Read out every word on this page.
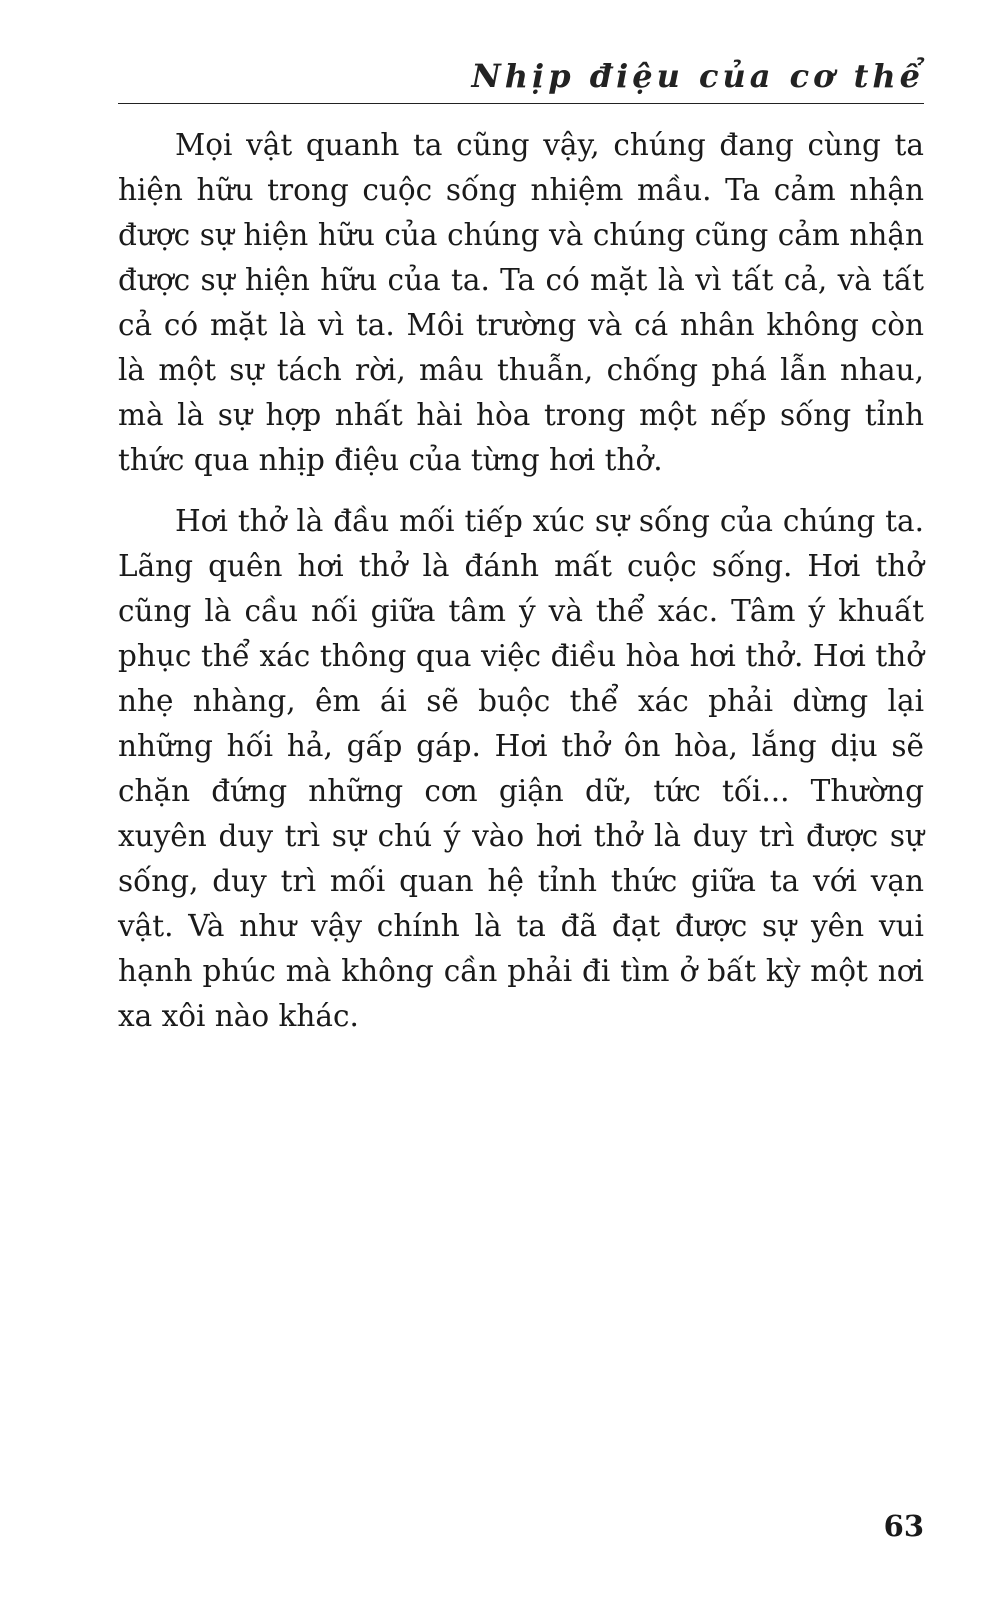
Nhịp điệu của cơ thể

Mọi vật quanh ta cũng vậy, chúng đang cùng ta hiện hữu trong cuộc sống nhiệm mầu. Ta cảm nhận được sự hiện hữu của chúng và chúng cũng cảm nhận được sự hiện hữu của ta. Ta có mặt là vì tất cả, và tất cả có mặt là vì ta. Môi trường và cá nhân không còn là một sự tách rời, mâu thuẫn, chống phá lẫn nhau, mà là sự hợp nhất hài hòa trong một nếp sống tỉnh thức qua nhịp điệu của từng hơi thở.

Hơi thở là đầu mối tiếp xúc sự sống của chúng ta. Lãng quên hơi thở là đánh mất cuộc sống. Hơi thở cũng là cầu nối giữa tâm ý và thể xác. Tâm ý khuất phục thể xác thông qua việc điều hòa hơi thở. Hơi thở nhẹ nhàng, êm ái sẽ buộc thể xác phải dừng lại những hối hả, gấp gáp. Hơi thở ôn hòa, lắng dịu sẽ chặn đứng những cơn giận dữ, tức tối... Thường xuyên duy trì sự chú ý vào hơi thở là duy trì được sự sống, duy trì mối quan hệ tỉnh thức giữa ta với vạn vật. Và như vậy chính là ta đã đạt được sự yên vui hạnh phúc mà không cần phải đi tìm ở bất kỳ một nơi xa xôi nào khác.

63
